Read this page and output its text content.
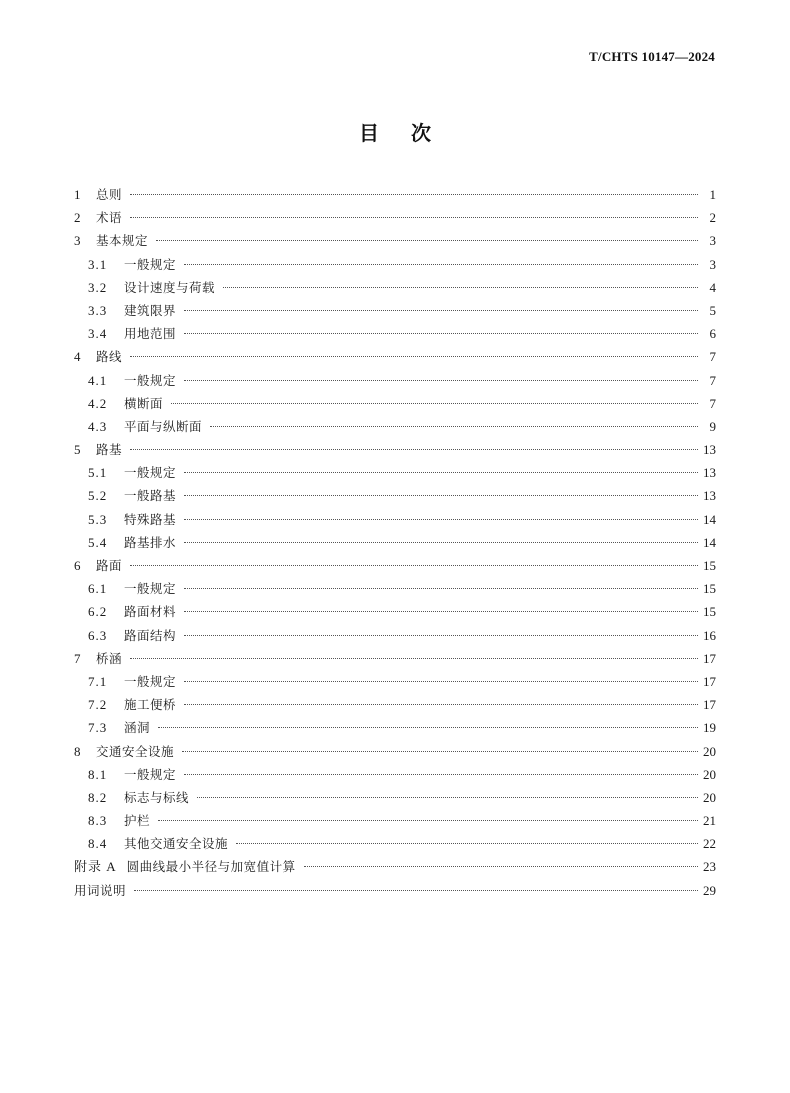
T/CHTS 10147—2024
目次
1	总则	1
2	术语	2
3	基本规定	3
3.1	一般规定	3
3.2	设计速度与荷载	4
3.3	建筑限界	5
3.4	用地范围	6
4	路线	7
4.1	一般规定	7
4.2	横断面	7
4.3	平面与纵断面	9
5	路基	13
5.1	一般规定	13
5.2	一般路基	13
5.3	特殊路基	14
5.4	路基排水	14
6	路面	15
6.1	一般规定	15
6.2	路面材料	15
6.3	路面结构	16
7	桥涵	17
7.1	一般规定	17
7.2	施工便桥	17
7.3	涵洞	19
8	交通安全设施	20
8.1	一般规定	20
8.2	标志与标线	20
8.3	护栏	21
8.4	其他交通安全设施	22
附录 A 圆曲线最小半径与加宽值计算	23
用词说明	29
